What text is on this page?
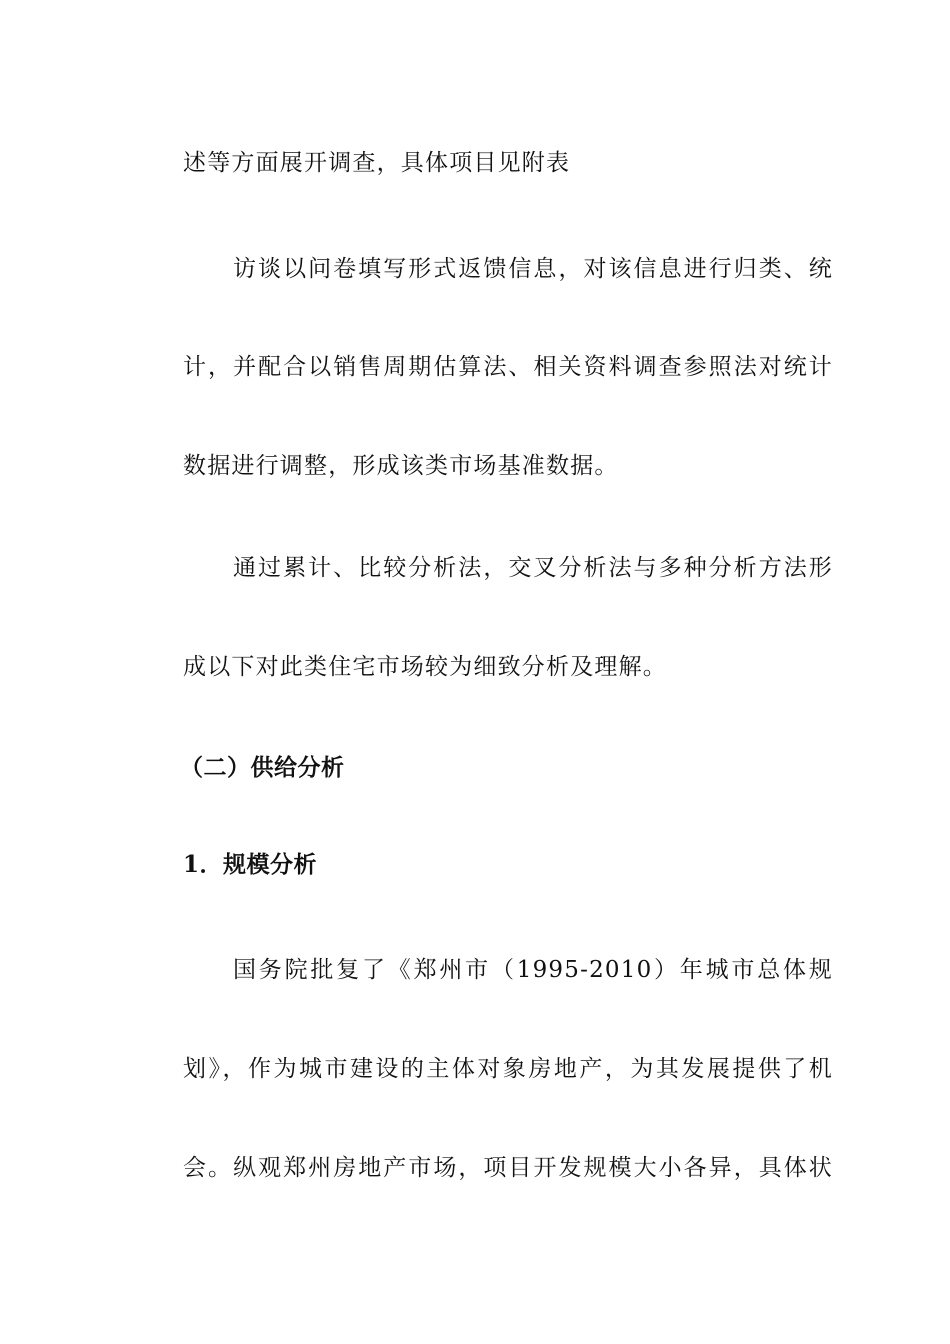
述等方面展开调查，具体项目见附表
访谈以问卷填写形式返馈信息，对该信息进行归类、统
计，并配合以销售周期估算法、相关资料调查参照法对统计
数据进行调整，形成该类市场基准数据。
通过累计、比较分析法，交叉分析法与多种分析方法形
成以下对此类住宅市场较为细致分析及理解。
（二）供给分析
1．规模分析
国务院批复了《郑州市（1995-2010）年城市总体规
划》，作为城市建设的主体对象房地产，为其发展提供了机
会。纵观郑州房地产市场，项目开发规模大小各异，具体状
